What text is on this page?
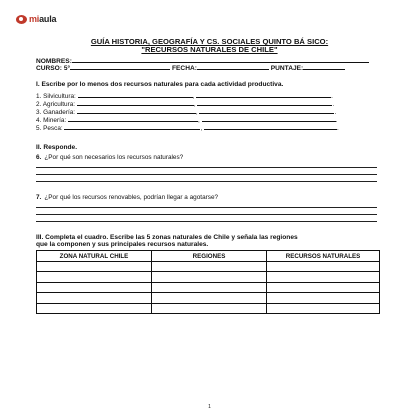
miaula
GUÍA HISTORIA, GEOGRAFÍA Y CS. SOCIALES QUINTO BÁ SICO:
"RECURSOS NATURALES DE CHILE"
NOMBRES:
CURSO: 5°	FECHA:	PUNTAJE:
I. Escribe por lo menos dos recursos naturales para cada actividad productiva.
1. Silvicultura:	,	.
2. Agricultura:	,	.
3. Ganadería:	,	.
4. Minería:	,	.
5. Pesca:	,	.
II. Responde.
6. ¿Por qué son necesarios los recursos naturales?
7. ¿Por qué los recursos renovables, podrían llegar a agotarse?
III. Completa el cuadro. Escribe las 5 zonas naturales de Chile y señala las regiones
que la componen y sus principales recursos naturales.
ZONA NATURAL CHILE	REGIONES	RECURSOS NATURALES

1
